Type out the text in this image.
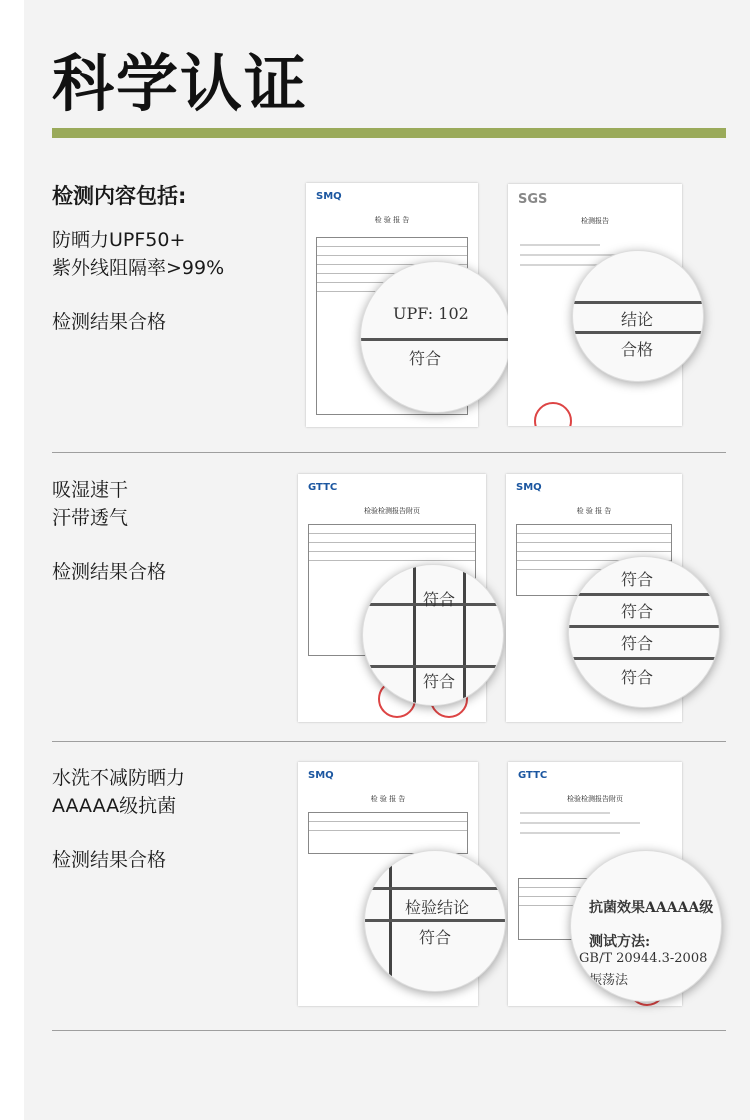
科学认证
检测内容包括:
防晒力UPF50+
紫外线阻隔率>99%
检测结果合格
SMQ
检 验 报 告
UPF: 102
符合
SGS
检测报告
结论
合格
吸湿速干
汗带透气
检测结果合格
GTTC
检验检测报告附页
符合
符合
SMQ
检 验 报 告
符合
符合
符合
符合
水洗不减防晒力
AAAAA级抗菌
检测结果合格
SMQ
检 验 报 告
检验结论
符合
GTTC
检验检测报告附页
抗菌效果AAAAA级
测试方法:
GB/T 20944.3-2008
振荡法
